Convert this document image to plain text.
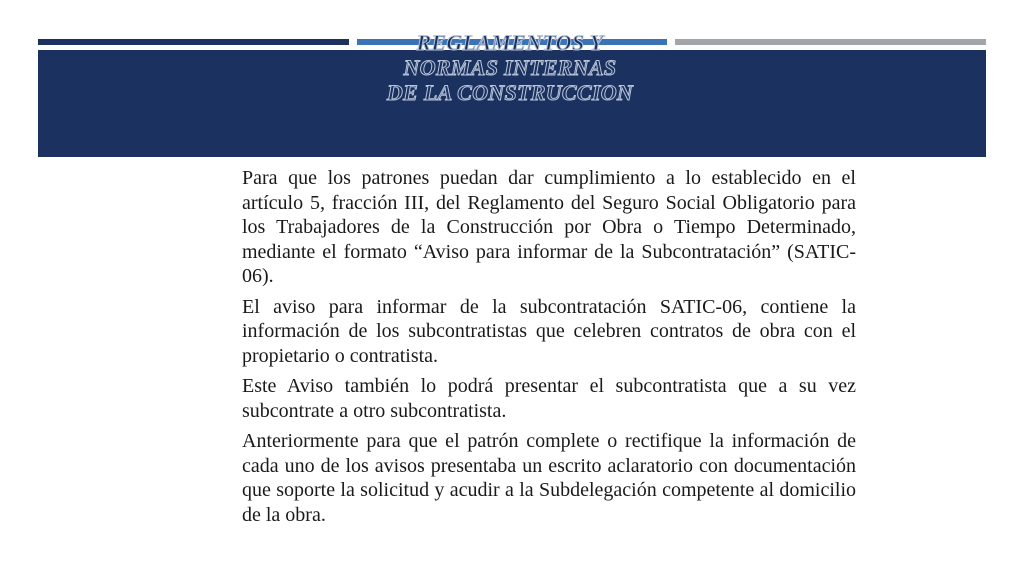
REGLAMENTOS Y
NORMAS INTERNAS
DE LA CONSTRUCCION

Para que los patrones puedan dar cumplimiento a lo establecido en el artículo 5, fracción III, del Reglamento del Seguro Social Obligatorio para los Trabajadores de la Construcción por Obra o Tiempo Determinado, mediante el formato “Aviso para informar de la Subcontratación” (SATIC-06).

El aviso para informar de la subcontratación SATIC-06, contiene la información de los subcontratistas que celebren contratos de obra con el propietario o contratista.

Este Aviso también lo podrá presentar el subcontratista que a su vez subcontrate a otro subcontratista.

Anteriormente para que el patrón complete o rectifique la información de cada uno de los avisos presentaba un escrito aclaratorio con documentación que soporte la solicitud y acudir a la Subdelegación competente al domicilio de la obra.
